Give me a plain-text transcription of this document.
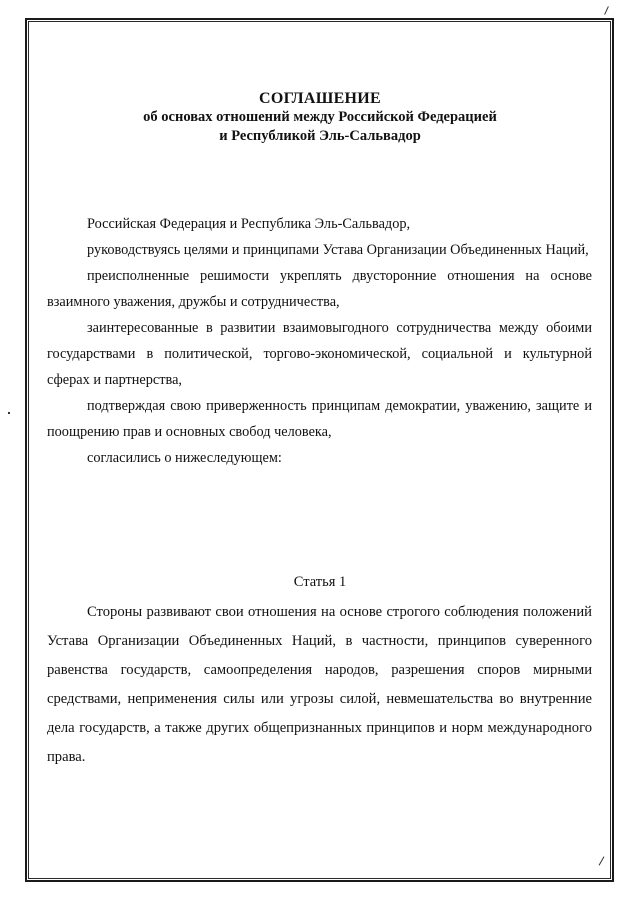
СОГЛАШЕНИЕ
об основах отношений между Российской Федерацией
и Республикой Эль-Сальвадор

Российская Федерация и Республика Эль-Сальвадор,

руководствуясь целями и принципами Устава Организации Объединенных Наций,

преисполненные решимости укреплять двусторонние отношения на основе взаимного уважения, дружбы и сотрудничества,

заинтересованные в развитии взаимовыгодного сотрудничества между обоими государствами в политической, торгово-экономической, социальной и культурной сферах и партнерства,

подтверждая свою приверженность принципам демократии, уважению, защите и поощрению прав и основных свобод человека,

согласились о нижеследующем:

Статья 1

Стороны развивают свои отношения на основе строгого соблюдения положений Устава Организации Объединенных Наций, в частности, принципов суверенного равенства государств, самоопределения народов, разрешения споров мирными средствами, неприменения силы или угрозы силой, невмешательства во внутренние дела государств, а также других общепризнанных принципов и норм международного права.
